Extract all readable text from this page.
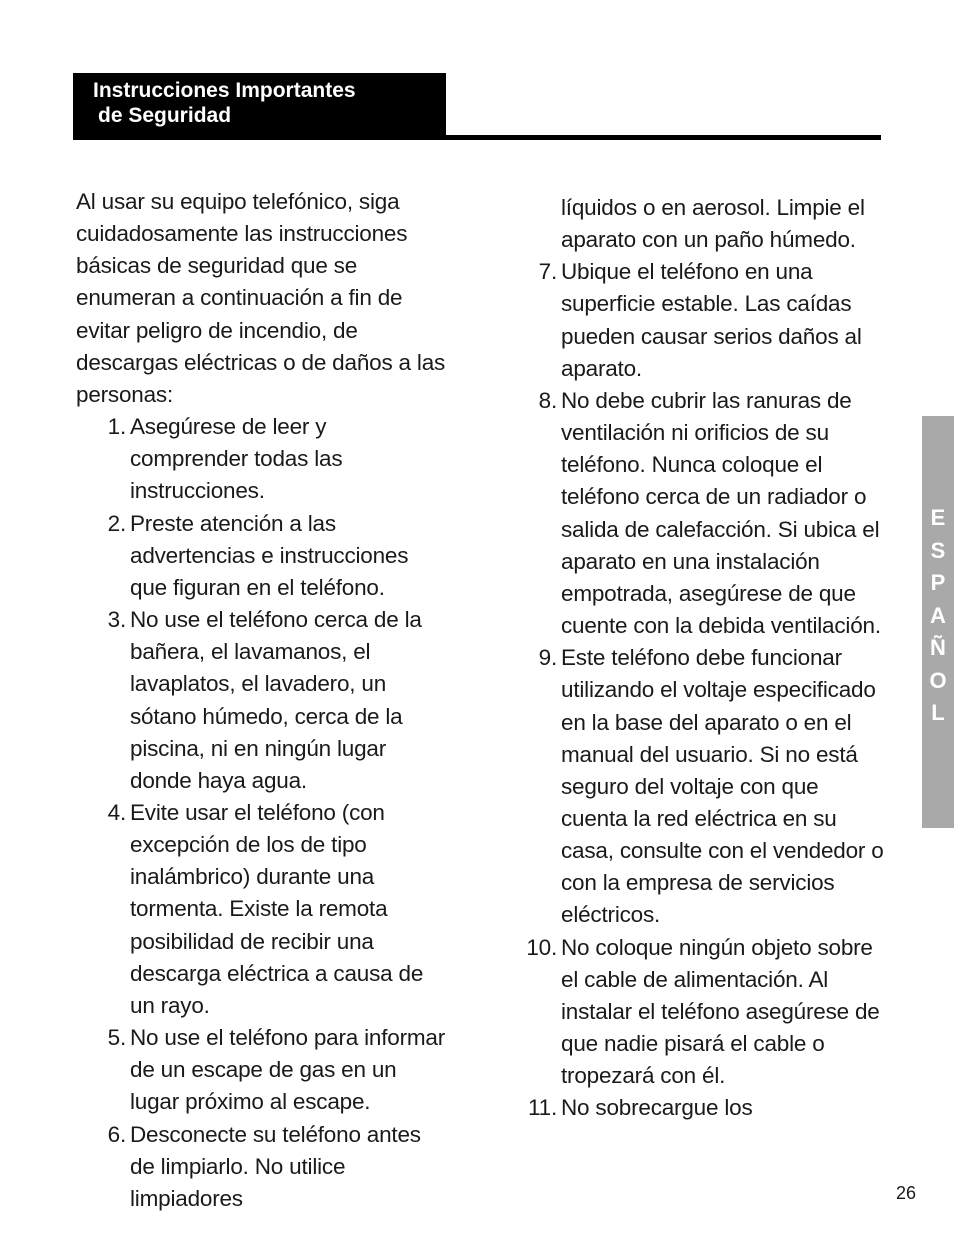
Instrucciones Importantes
de Seguridad

Al usar su equipo telefónico, siga cuidadosamente las instrucciones básicas de seguridad que se enumeran a continuación a fin de evitar peligro de incendio, de descargas eléctricas o de daños a las personas:

1. Asegúrese de leer y comprender todas las instrucciones.
2. Preste atención a las advertencias e instrucciones que figuran en el teléfono.
3. No use el teléfono cerca de la bañera, el lavamanos, el lavaplatos, el lavadero, un sótano húmedo, cerca de la piscina, ni en ningún lugar donde haya agua.
4. Evite usar el teléfono (con excepción de los de tipo inalámbrico) durante una tormenta. Existe la remota posibilidad de recibir una descarga eléctrica a causa de un rayo.
5. No use el teléfono para informar de un escape de gas en un lugar próximo al escape.
6. Desconecte su teléfono antes de limpiarlo. No utilice limpiadores
líquidos o en aerosol. Limpie el aparato con un paño húmedo.
7. Ubique el teléfono en una superficie estable. Las caídas pueden causar serios daños al aparato.
8. No debe cubrir las ranuras de ventilación ni orificios de su teléfono. Nunca coloque el teléfono cerca de un radiador o salida de calefacción. Si ubica el aparato en una instalación empotrada, asegúrese de que cuente con la debida ventilación.
9. Este teléfono debe funcionar utilizando el voltaje especificado en la base del aparato o en el manual del usuario. Si no está seguro del voltaje con que cuenta la red eléctrica en su casa, consulte con el vendedor o con la empresa de servicios eléctricos.
10. No coloque ningún objeto sobre el cable de alimentación. Al instalar el teléfono asegúrese de que nadie pisará el cable o tropezará con él.
11. No sobrecargue los
E
S
P
A
Ñ
O
L
26
